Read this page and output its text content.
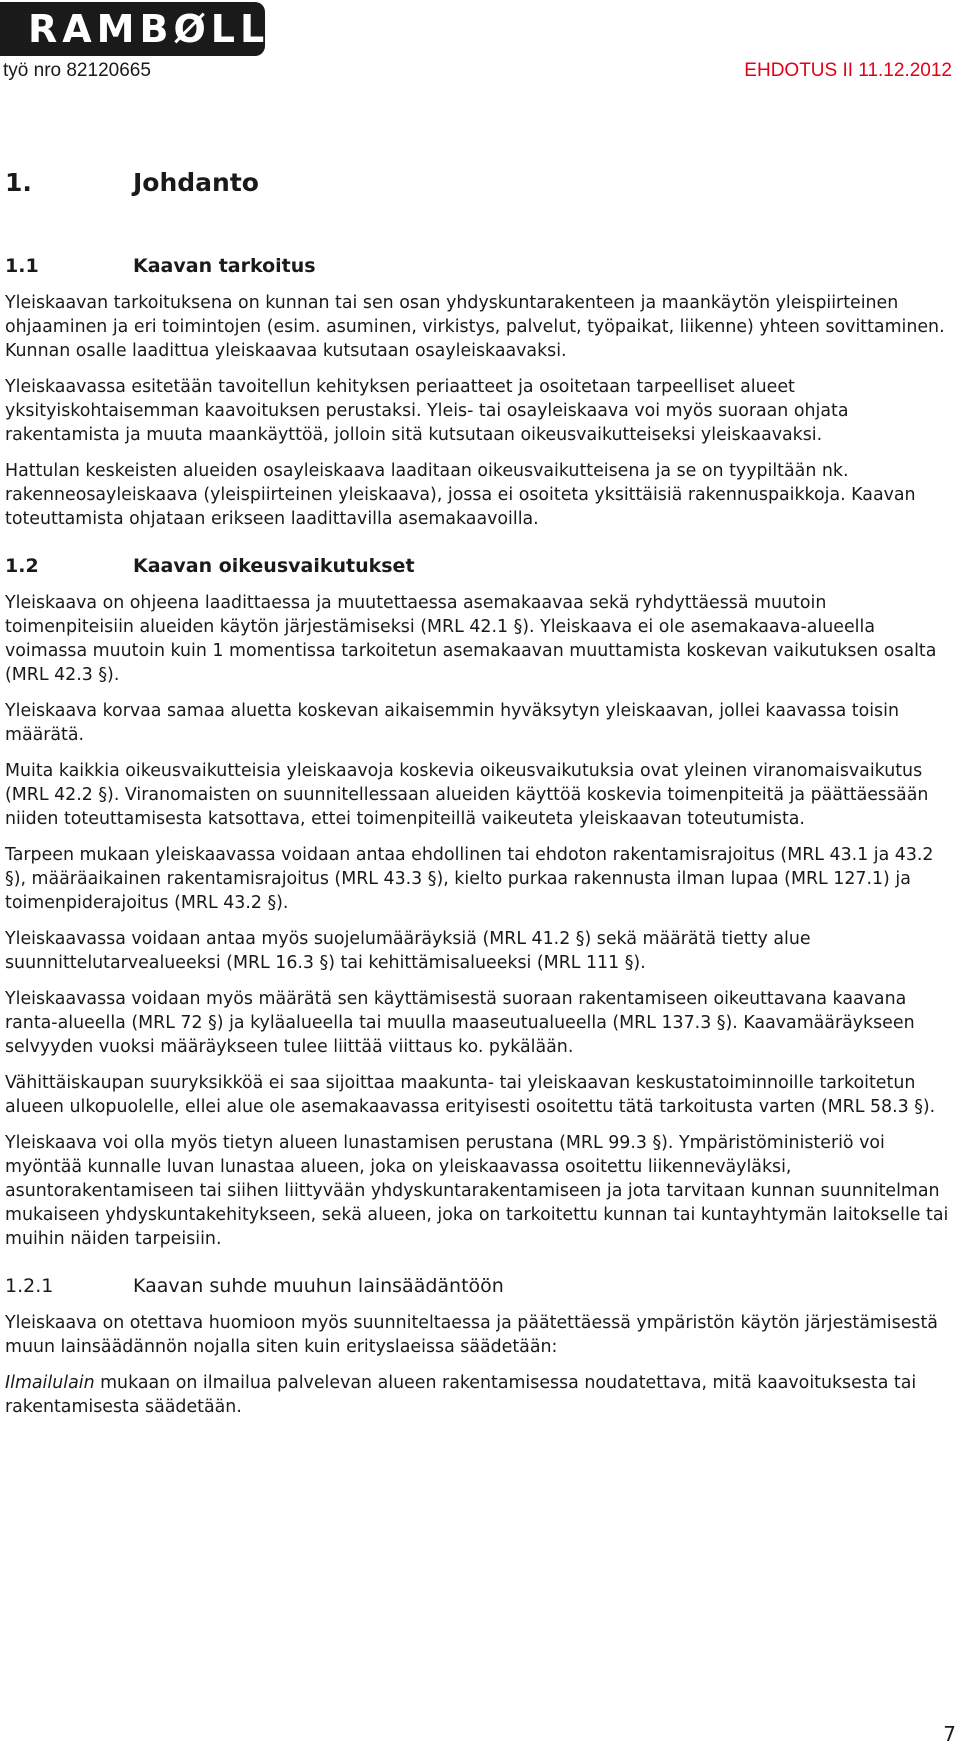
RAMBØLL
työ nro 82120665	EHDOTUS II 11.12.2012
1.	Johdanto
1.1	Kaavan tarkoitus

Yleiskaavan tarkoituksena on kunnan tai sen osan yhdyskuntarakenteen ja maankäytön yleispiirteinen ohjaaminen ja eri toimintojen (esim. asuminen, virkistys, palvelut, työpaikat, liikenne) yhteen sovittaminen. Kunnan osalle laadittua yleiskaavaa kutsutaan osayleiskaavaksi.

Yleiskaavassa esitetään tavoitellun kehityksen periaatteet ja osoitetaan tarpeelliset alueet yksityiskohtaisemman kaavoituksen perustaksi. Yleis- tai osayleiskaava voi myös suoraan ohjata rakentamista ja muuta maankäyttöä, jolloin sitä kutsutaan oikeusvaikutteiseksi yleiskaavaksi.

Hattulan keskeisten alueiden osayleiskaava laaditaan oikeusvaikutteisena ja se on tyypiltään nk. rakenneosayleiskaava (yleispiirteinen yleiskaava), jossa ei osoiteta yksittäisiä rakennuspaikkoja. Kaavan toteuttamista ohjataan erikseen laadittavilla asemakaavoilla.

1.2	Kaavan oikeusvaikutukset

Yleiskaava on ohjeena laadittaessa ja muutettaessa asemakaavaa sekä ryhdyttäessä muutoin toimenpiteisiin alueiden käytön järjestämiseksi (MRL 42.1 §). Yleiskaava ei ole asemakaava-alueella voimassa muutoin kuin 1 momentissa tarkoitetun asemakaavan muuttamista koskevan vaikutuksen osalta (MRL 42.3 §).

Yleiskaava korvaa samaa aluetta koskevan aikaisemmin hyväksytyn yleiskaavan, jollei kaavassa toisin määrätä.

Muita kaikkia oikeusvaikutteisia yleiskaavoja koskevia oikeusvaikutuksia ovat yleinen viranomaisvaikutus (MRL 42.2 §). Viranomaisten on suunnitellessaan alueiden käyttöä koskevia toimenpiteitä ja päättäessään niiden toteuttamisesta katsottava, ettei toimenpiteillä vaikeuteta yleiskaavan toteutumista.

Tarpeen mukaan yleiskaavassa voidaan antaa ehdollinen tai ehdoton rakentamisrajoitus (MRL 43.1 ja 43.2 §), määräaikainen rakentamisrajoitus (MRL 43.3 §), kielto purkaa rakennusta ilman lupaa (MRL 127.1) ja toimenpiderajoitus (MRL 43.2 §).

Yleiskaavassa voidaan antaa myös suojelumääräyksiä (MRL 41.2 §) sekä määrätä tietty alue suunnittelutarvealueeksi (MRL 16.3 §) tai kehittämisalueeksi (MRL 111 §).

Yleiskaavassa voidaan myös määrätä sen käyttämisestä suoraan rakentamiseen oikeuttavana kaavana ranta-alueella (MRL 72 §) ja kyläalueella tai muulla maaseutualueella (MRL 137.3 §). Kaavamääräykseen selvyyden vuoksi määräykseen tulee liittää viittaus ko. pykälään.

Vähittäiskaupan suuryksikköä ei saa sijoittaa maakunta- tai yleiskaavan keskustatoiminnoille tarkoitetun alueen ulkopuolelle, ellei alue ole asemakaavassa erityisesti osoitettu tätä tarkoitusta varten (MRL 58.3 §).

Yleiskaava voi olla myös tietyn alueen lunastamisen perustana (MRL 99.3 §). Ympäristöministeriö voi myöntää kunnalle luvan lunastaa alueen, joka on yleiskaavassa osoitettu liikenneväyläksi, asuntorakentamiseen tai siihen liittyvään yhdyskuntarakentamiseen ja jota tarvitaan kunnan suunnitelman mukaiseen yhdyskuntakehitykseen, sekä alueen, joka on tarkoitettu kunnan tai kuntayhtymän laitokselle tai muihin näiden tarpeisiin.

1.2.1	Kaavan suhde muuhun lainsäädäntöön

Yleiskaava on otettava huomioon myös suunniteltaessa ja päätettäessä ympäristön käytön järjestämisestä muun lainsäädännön nojalla siten kuin erityslaeissa säädetään:

Ilmailulain mukaan on ilmailua palvelevan alueen rakentamisessa noudatettava, mitä kaavoituksesta tai rakentamisesta säädetään.

7
